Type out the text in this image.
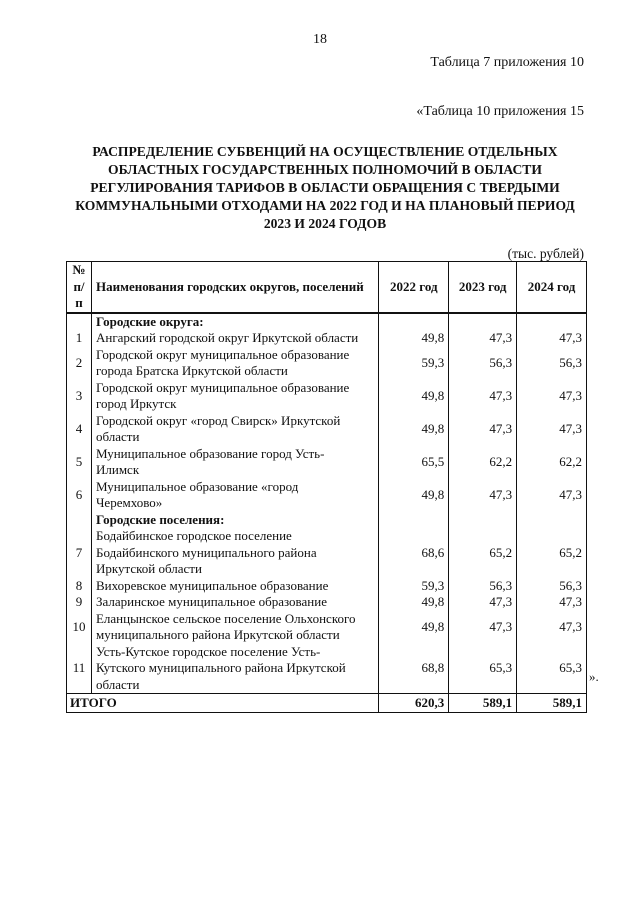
18
Таблица 7 приложения 10
«Таблица 10 приложения 15
РАСПРЕДЕЛЕНИЕ СУБВЕНЦИЙ НА ОСУЩЕСТВЛЕНИЕ ОТДЕЛЬНЫХ
ОБЛАСТНЫХ ГОСУДАРСТВЕННЫХ ПОЛНОМОЧИЙ В ОБЛАСТИ
РЕГУЛИРОВАНИЯ ТАРИФОВ В ОБЛАСТИ ОБРАЩЕНИЯ С ТВЕРДЫМИ
КОММУНАЛЬНЫМИ ОТХОДАМИ НА 2022 ГОД И НА ПЛАНОВЫЙ ПЕРИОД
2023 И 2024 ГОДОВ
(тыс. рублей)
№
п/п	Наименования городских округов, поселений	2022 год	2023 год	2024 год
	Городские округа:			
1	Ангарский городской округ Иркутской области	49,8	47,3	47,3
2	Городской округ муниципальное образование
города Братска Иркутской области	59,3	56,3	56,3
3	Городской округ муниципальное образование
город Иркутск	49,8	47,3	47,3
4	Городской округ «город Свирск» Иркутской
области	49,8	47,3	47,3
5	Муниципальное образование город Усть-
Илимск	65,5	62,2	62,2
6	Муниципальное образование «город
Черемхово»	49,8	47,3	47,3
	Городские поселения:			
7	Бодайбинское городское поселение
Бодайбинского муниципального района
Иркутской области	68,6	65,2	65,2
8	Вихоревское муниципальное образование	59,3	56,3	56,3
9	Заларинское муниципальное образование	49,8	47,3	47,3
10	Еланцынское сельское поселение Ольхонского
муниципального района Иркутской области	49,8	47,3	47,3
11	Усть-Кутское городское поселение Усть-
Кутского муниципального района Иркутской
области	68,8	65,3	65,3
ИТОГО		620,3	589,1	589,1
».
